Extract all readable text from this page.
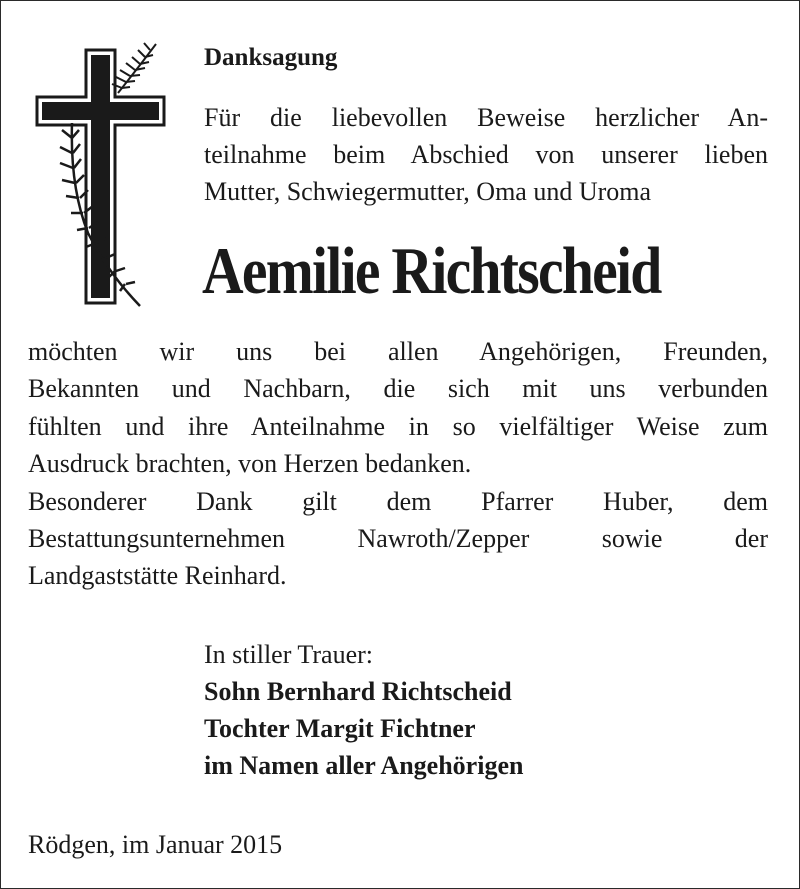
Danksagung
Für die liebevollen Beweise herzlicher An-
teilnahme beim Abschied von unserer lieben
Mutter, Schwiegermutter, Oma und Uroma
Aemilie Richtscheid
möchten wir uns bei allen Angehörigen, Freunden,
Bekannten und Nachbarn, die sich mit uns verbunden
fühlten und ihre Anteilnahme in so vielfältiger Weise zum
Ausdruck brachten, von Herzen bedanken.
Besonderer Dank gilt dem Pfarrer Huber, dem
Bestattungsunternehmen Nawroth/Zepper sowie der
Landgaststätte Reinhard.
In stiller Trauer:
Sohn Bernhard Richtscheid
Tochter Margit Fichtner
im Namen aller Angehörigen
Rödgen, im Januar 2015
